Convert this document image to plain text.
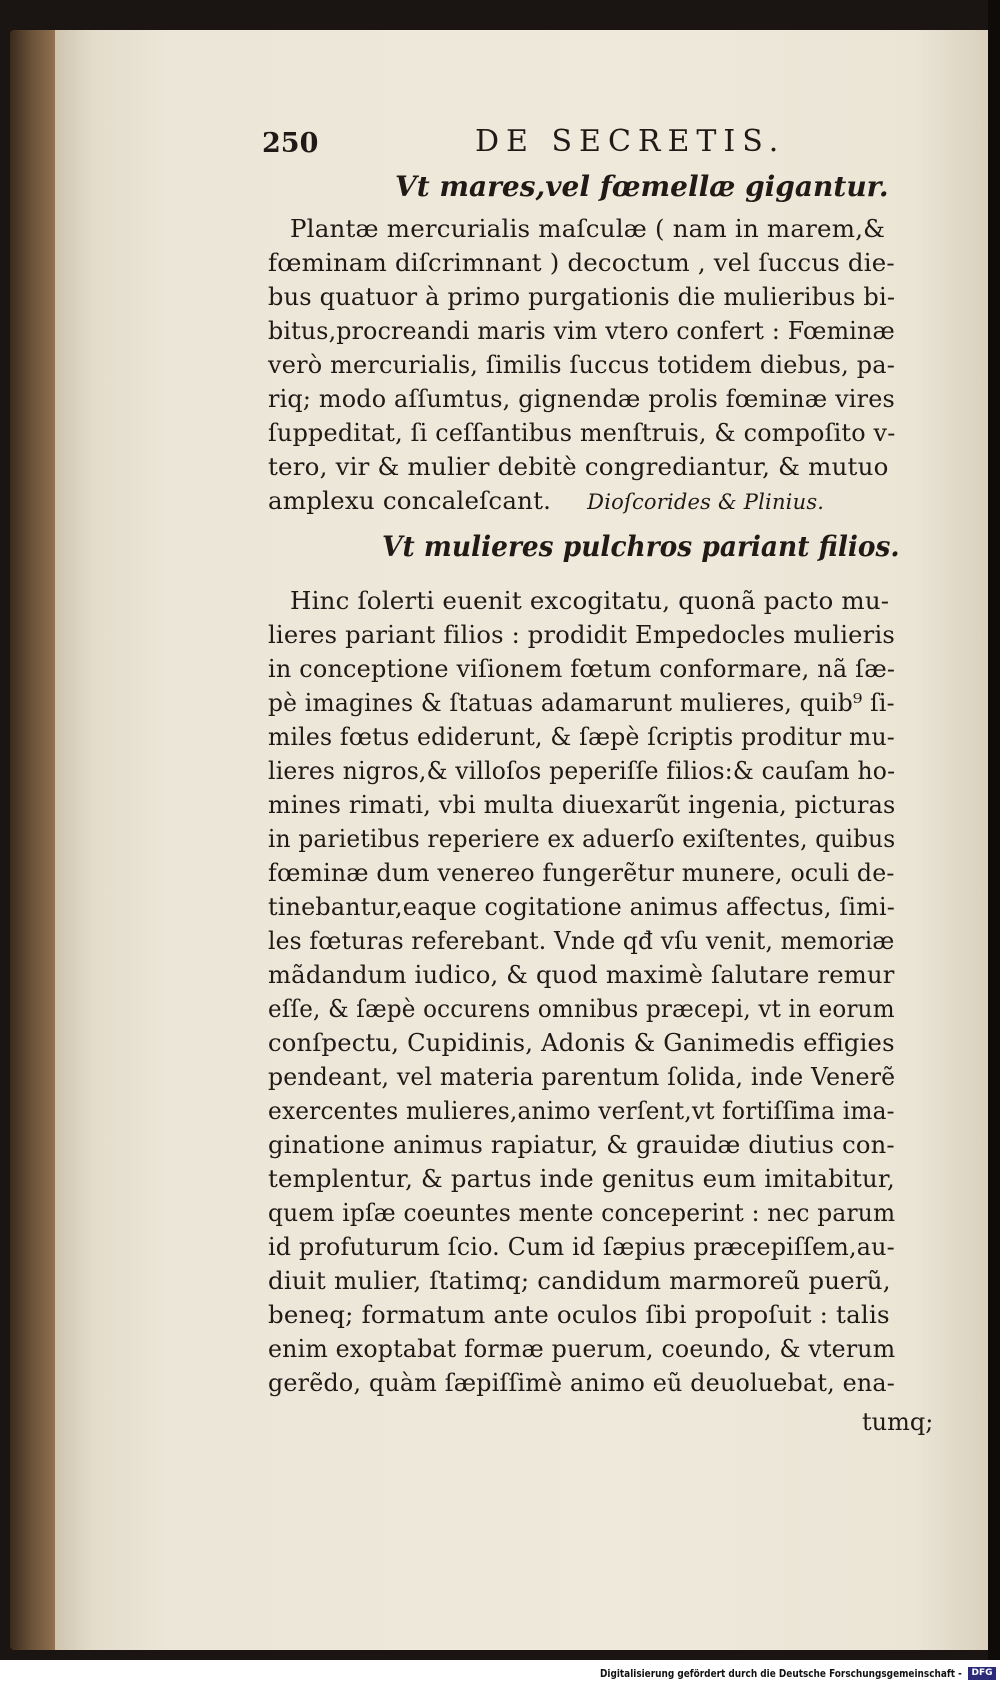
250	DE SECRETIS.
Vt mares,vel fœmellæ gigantur.
Plantæ mercurialis maſculæ ( nam in marem,&
fœminam diſcrimnant ) decoctum , vel ſuccus die-
bus quatuor à primo purgationis die mulieribus bi-
bitus,procreandi maris vim vtero confert : Fœminæ
verò mercurialis, ſimilis ſuccus totidem diebus, pa-
riq; modo aſſumtus, gignendæ prolis fœminæ vires
ſuppeditat, ſi ceſſantibus menſtruis, & compoſito v-
tero, vir & mulier debitè congrediantur, & mutuo
amplexu concaleſcant. Dioſcorides & Plinius.
Vt mulieres pulchros pariant filios.
Hinc ſolerti euenit excogitatu, quonã pacto mu-
lieres pariant filios : prodidit Empedocles mulieris
in conceptione viſionem fœtum conformare, nã ſæ-
pè imagines & ſtatuas adamarunt mulieres, quib⁹ ſi-
miles fœtus ediderunt, & ſæpè ſcriptis proditur mu-
lieres nigros,& villoſos peperiſſe filios:& cauſam ho-
mines rimati, vbi multa diuexarũt ingenia, picturas
in parietibus reperiere ex aduerſo exiſtentes, quibus
fœminæ dum venereo fungerẽtur munere, oculi de-
tinebantur,eaque cogitatione animus affectus, ſimi-
les fœturas referebant. Vnde qđ vſu venit, memoriæ
mãdandum iudico, & quod maximè ſalutare remur
eſſe, & ſæpè occurens omnibus præcepi, vt in eorum
conſpectu, Cupidinis, Adonis & Ganimedis effigies
pendeant, vel materia parentum ſolida, inde Venerẽ
exercentes mulieres,animo verſent,vt fortiſſima ima-
ginatione animus rapiatur, & grauidæ diutius con-
templentur, & partus inde genitus eum imitabitur,
quem ipſæ coeuntes mente conceperint : nec parum
id profuturum ſcio. Cum id ſæpius præcepiſſem,au-
diuit mulier, ſtatimq; candidum marmoreũ puerũ,
beneq; formatum ante oculos ſibi propoſuit : talis
enim exoptabat formæ puerum, coeundo, & vterum
gerẽdo, quàm ſæpiſſimè animo eũ deuoluebat, ena-
tumq;
Digitalisierung gefördert durch die Deutsche Forschungsgemeinschaft -	DFG
